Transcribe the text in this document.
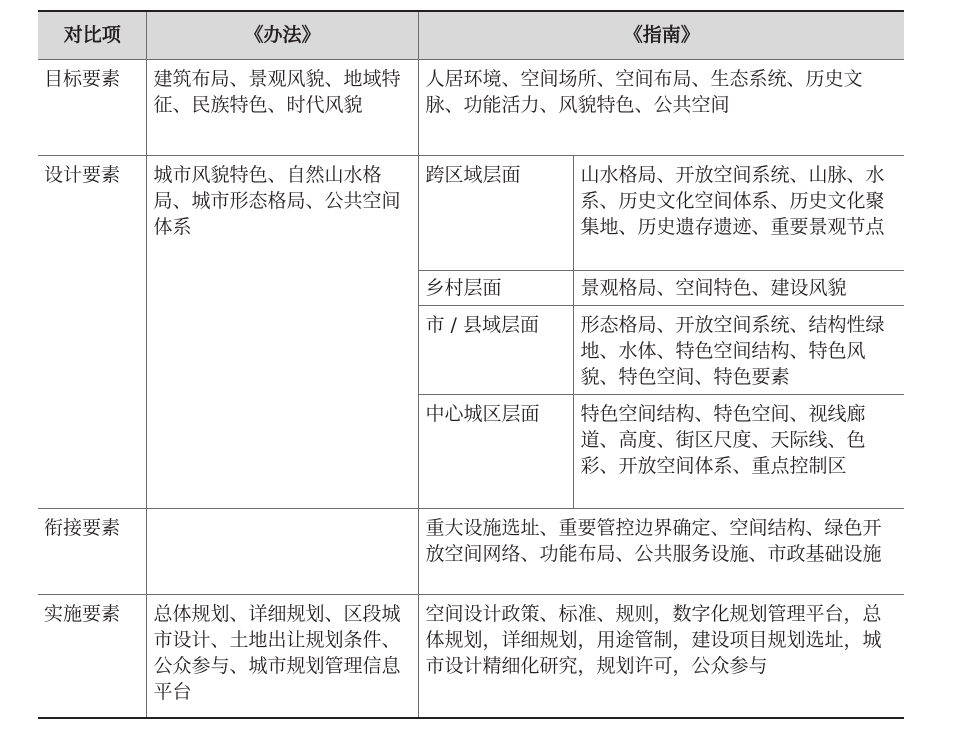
对比项	《办法》	《指南》	
目标要素	建筑布局、景观风貌、地域特征、民族特色、时代风貌	人居环境、空间场所、空间布局、生态系统、历史文脉、功能活力、风貌特色、公共空间	
设计要素	城市风貌特色、自然山水格局、城市形态格局、公共空间体系	跨区域层面	山水格局、开放空间系统、山脉、水系、历史文化空间体系、历史文化聚集地、历史遗存遗迹、重要景观节点
		乡村层面	景观格局、空间特色、建设风貌
		市 / 县域层面	形态格局、开放空间系统、结构性绿地、水体、特色空间结构、特色风貌、特色空间、特色要素
		中心城区层面	特色空间结构、特色空间、视线廊道、高度、街区尺度、天际线、色彩、开放空间体系、重点控制区
衔接要素		重大设施选址、重要管控边界确定、空间结构、绿色开放空间网络、功能布局、公共服务设施、市政基础设施	
实施要素	总体规划、详细规划、区段城市设计、土地出让规划条件、公众参与、城市规划管理信息平台	空间设计政策、标准、规则，数字化规划管理平台，总体规划，详细规划，用途管制，建设项目规划选址，城市设计精细化研究，规划许可，公众参与	
